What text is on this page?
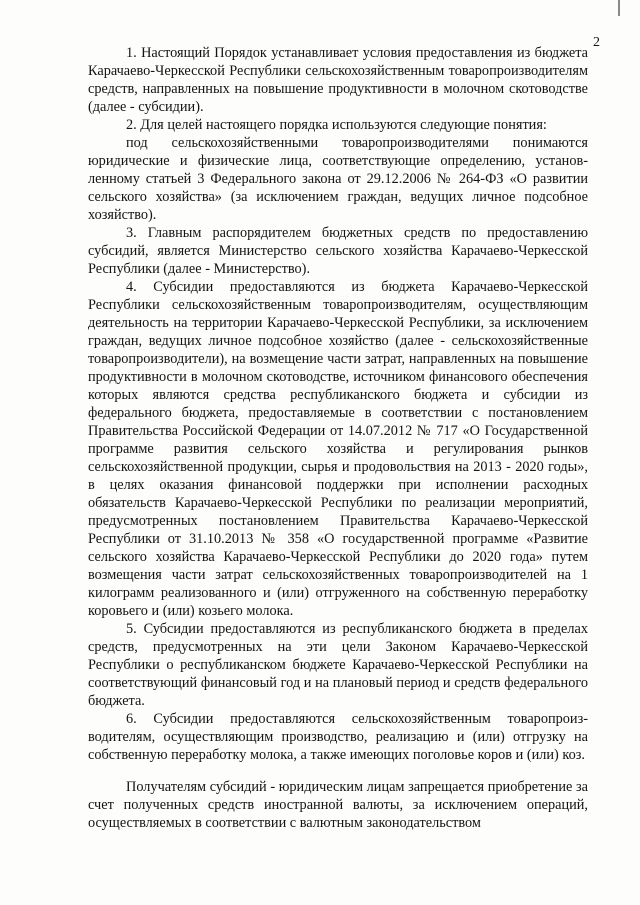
2

1. Настоящий Порядок устанавливает условия предоставления из бюджета Карачаево-Черкесской Республики сельскохозяйственным товаропроизводителям средств, направленных на повышение продуктивности в молочном скотоводстве (далее - субсидии).

2. Для целей настоящего порядка используются следующие понятия:

под сельскохозяйственными товаропроизводителями понимаются юридические и физические лица, соответствующие определению, установленному статьей 3 Федерального закона от 29.12.2006 № 264-ФЗ «О развитии сельского хозяйства» (за исключением граждан, ведущих личное подсобное хозяйство).

3. Главным распорядителем бюджетных средств по предоставлению субсидий, является Министерство сельского хозяйства Карачаево-Черкесской Республики (далее - Министерство).

4. Субсидии предоставляются из бюджета Карачаево-Черкесской Республики сельскохозяйственным товаропроизводителям, осуществляющим деятельность на территории Карачаево-Черкесской Республики, за исключением граждан, ведущих личное подсобное хозяйство (далее - сельскохозяйственные товаропроизводители), на возмещение части затрат, направленных на повышение продуктивности в молочном скотоводстве, источником финансового обеспечения которых являются средства республиканского бюджета и субсидии из федерального бюджета, предоставляемые в соответствии с постановлением Правительства Российской Федерации от 14.07.2012 № 717 «О Государственной программе развития сельского хозяйства и регулирования рынков сельскохозяйственной продукции, сырья и продовольствия на 2013 - 2020 годы», в целях оказания финансовой поддержки при исполнении расходных обязательств Карачаево-Черкесской Республики по реализации мероприятий, предусмотренных постановлением Правительства Карачаево-Черкесской Республики от 31.10.2013 № 358 «О государственной программе «Развитие сельского хозяйства Карачаево-Черкесской Республики до 2020 года» путем возмещения части затрат сельскохозяйственных товаропроизводителей на 1 килограмм реализованного и (или) отгруженного на собственную переработку коровьего и (или) козьего молока.

5. Субсидии предоставляются из республиканского бюджета в пределах средств, предусмотренных на эти цели Законом Карачаево-Черкесской Республики о республиканском бюджете Карачаево-Черкесской Республики на соответствующий финансовый год и на плановый период и средств федерального бюджета.

6. Субсидии предоставляются сельскохозяйственным товаропроизводителям, осуществляющим производство, реализацию и (или) отгрузку на собственную переработку молока, а также имеющих поголовье коров и (или) коз.

Получателям субсидий - юридическим лицам запрещается приобретение за счет полученных средств иностранной валюты, за исключением операций, осуществляемых в соответствии с валютным законодательством
